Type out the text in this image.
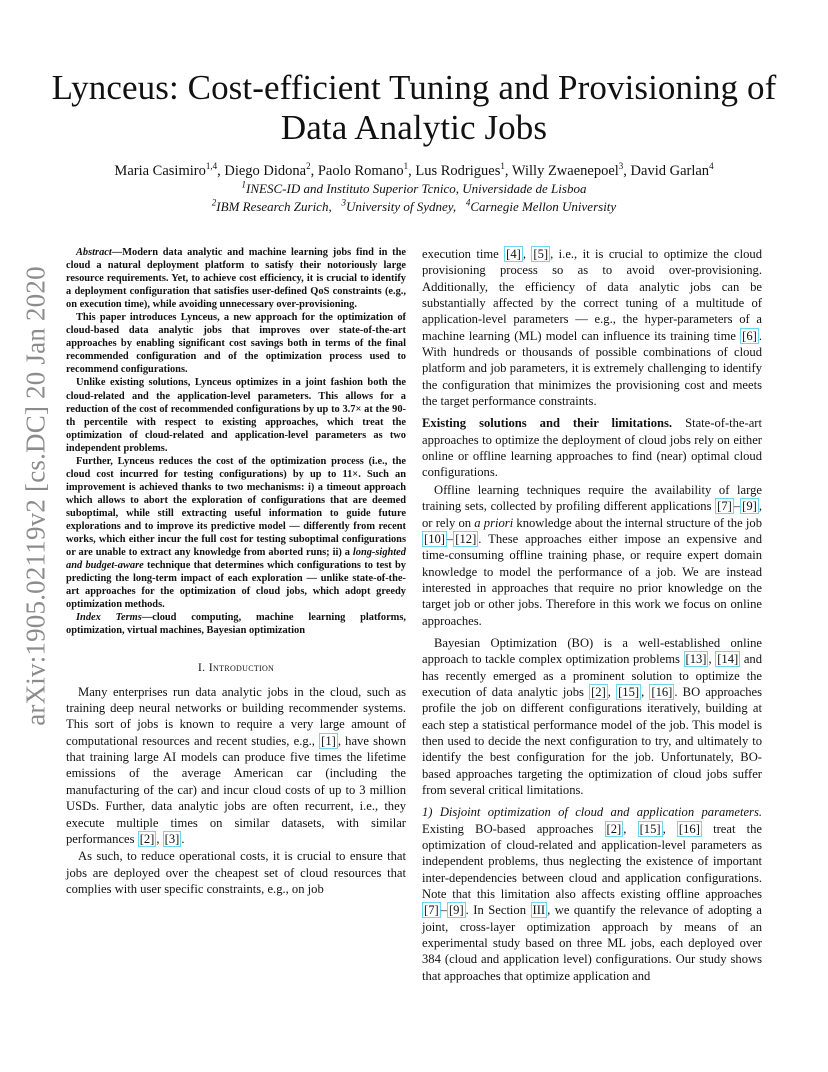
Lynceus: Cost-efficient Tuning and Provisioning of
Data Analytic Jobs
Maria Casimiro$^{1,4}$, Diego Didona$^2$, Paolo Romano$^1$, Lus Rodrigues$^1$, Willy Zwaenepoel$^3$, David Garlan$^4$
$^1$INESC-ID and Instituto Superior Tcnico, Universidade de Lisboa
$^2$IBM Research Zurich, $^3$University of Sydney, $^4$Carnegie Mellon University
arXiv:1905.02119v2 [cs.DC] 20 Jan 2020

Abstract—Modern data analytic and machine learning jobs find in the cloud a natural deployment platform to satisfy their notoriously large resource requirements. Yet, to achieve cost efficiency, it is crucial to identify a deployment configuration that satisfies user-defined QoS constraints (e.g., on execution time), while avoiding unnecessary over-provisioning.

This paper introduces Lynceus, a new approach for the optimization of cloud-based data analytic jobs that improves over state-of-the-art approaches by enabling significant cost savings both in terms of the final recommended configuration and of the optimization process used to recommend configurations.

Unlike existing solutions, Lynceus optimizes in a joint fashion both the cloud-related and the application-level parameters. This allows for a reduction of the cost of recommended configurations by up to 3.7× at the 90-th percentile with respect to existing approaches, which treat the optimization of cloud-related and application-level parameters as two independent problems.

Further, Lynceus reduces the cost of the optimization process (i.e., the cloud cost incurred for testing configurations) by up to 11×. Such an improvement is achieved thanks to two mechanisms: i) a timeout approach which allows to abort the exploration of configurations that are deemed suboptimal, while still extracting useful information to guide future explorations and to improve its predictive model — differently from recent works, which either incur the full cost for testing suboptimal configurations or are unable to extract any knowledge from aborted runs; ii) a long-sighted and budget-aware technique that determines which configurations to test by predicting the long-term impact of each exploration — unlike state-of-the-art approaches for the optimization of cloud jobs, which adopt greedy optimization methods.

Index Terms—cloud computing, machine learning platforms, optimization, virtual machines, Bayesian optimization

I. Introduction

Many enterprises run data analytic jobs in the cloud, such as training deep neural networks or building recommender systems. This sort of jobs is known to require a very large amount of computational resources and recent studies, e.g., [1] , have shown that training large AI models can produce five times the lifetime emissions of the average American car (including the manufacturing of the car) and incur cloud costs of up to 3 million USDs. Further, data analytic jobs are often recurrent, i.e., they execute multiple times on similar datasets, with similar performances [2] , [3] .

As such, to reduce operational costs, it is crucial to ensure that jobs are deployed over the cheapest set of cloud resources that complies with user specific constraints, e.g., on job

execution time [4] , [5] , i.e., it is crucial to optimize the cloud provisioning process so as to avoid over-provisioning. Additionally, the efficiency of data analytic jobs can be substantially affected by the correct tuning of a multitude of application-level parameters — e.g., the hyper-parameters of a machine learning (ML) model can influence its training time [6] . With hundreds or thousands of possible combinations of cloud platform and job parameters, it is extremely challenging to identify the configuration that minimizes the provisioning cost and meets the target performance constraints.

Existing solutions and their limitations. State-of-the-art approaches to optimize the deployment of cloud jobs rely on either online or offline learning approaches to find (near) optimal cloud configurations.

Offline learning techniques require the availability of large training sets, collected by profiling different applications [7] – [9] , or rely on a priori knowledge about the internal structure of the job [10] – [12] . These approaches either impose an expensive and time-consuming offline training phase, or require expert domain knowledge to model the performance of a job. We are instead interested in approaches that require no prior knowledge on the target job or other jobs. Therefore in this work we focus on online approaches.

Bayesian Optimization (BO) is a well-established online approach to tackle complex optimization problems [13] , [14] and has recently emerged as a prominent solution to optimize the execution of data analytic jobs [2] , [15] , [16] . BO approaches profile the job on different configurations iteratively, building at each step a statistical performance model of the job. This model is then used to decide the next configuration to try, and ultimately to identify the best configuration for the job. Unfortunately, BO-based approaches targeting the optimization of cloud jobs suffer from several critical limitations.

1) Disjoint optimization of cloud and application parameters. Existing BO-based approaches [2] , [15] , [16] treat the optimization of cloud-related and application-level parameters as independent problems, thus neglecting the existence of important inter-dependencies between cloud and application configurations. Note that this limitation also affects existing offline approaches [7] – [9] . In Section III , we quantify the relevance of adopting a joint, cross-layer optimization approach by means of an experimental study based on three ML jobs, each deployed over 384 (cloud and application level) configurations. Our study shows that approaches that optimize application and
